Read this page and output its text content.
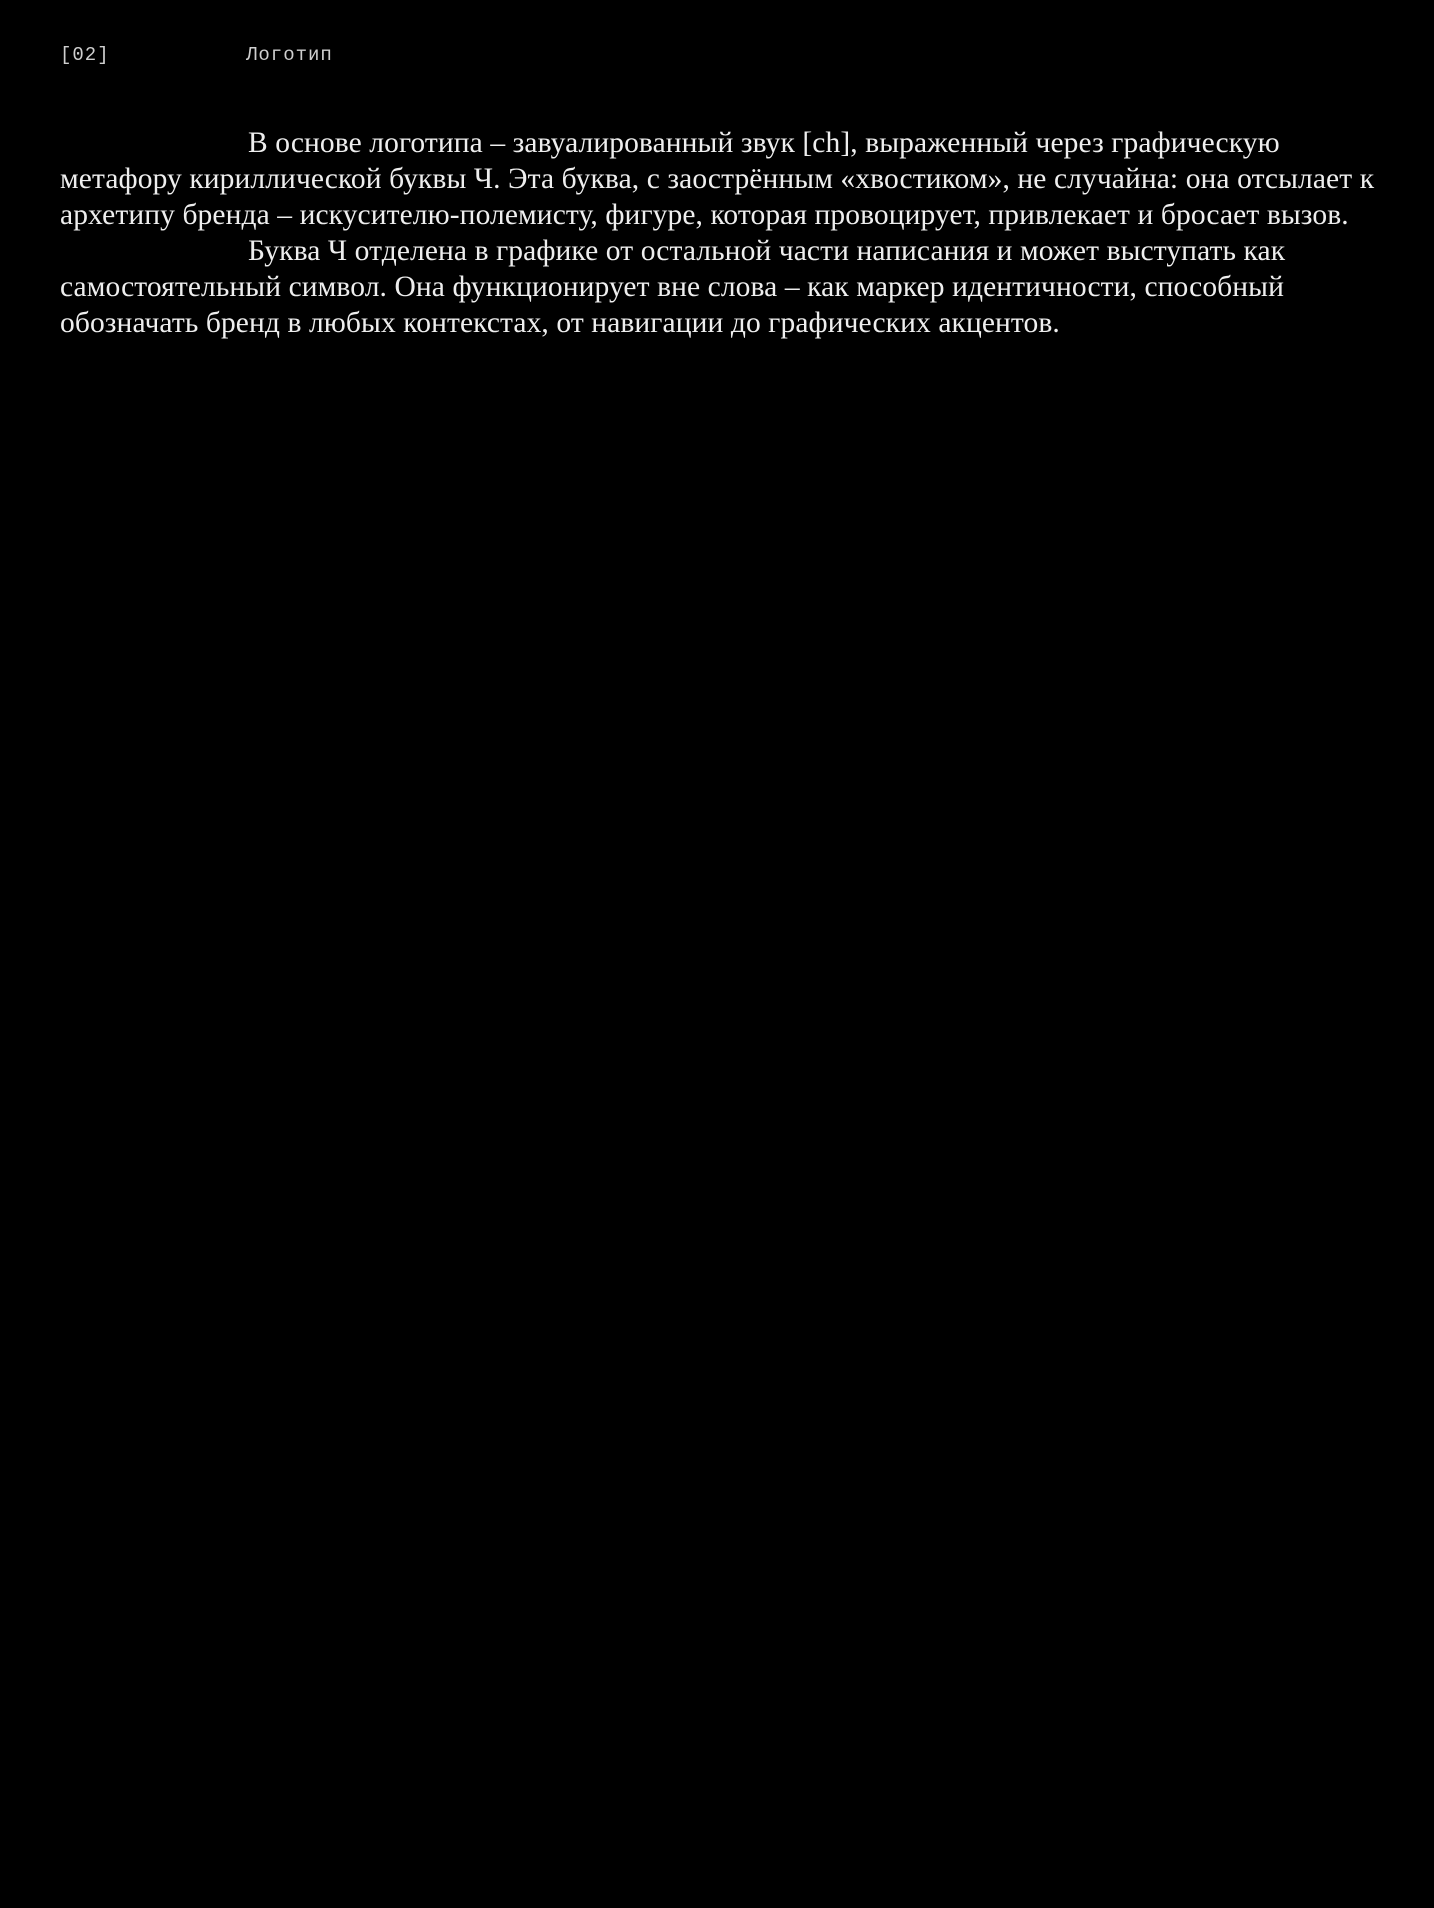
[02]	Логотип

В основе логотипа – завуалированный звук [ch], выраженный через графическую метафору кириллической буквы Ч. Эта буква, с заострённым «хвостиком», не случайна: она отсылает к архетипу бренда – искусителю-полемисту, фигуре, которая провоцирует, привлекает и бросает вызов.

Буква Ч отделена в графике от остальной части написания и может выступать как самостоятельный символ. Она функционирует вне слова – как маркер идентичности, способный обозначать бренд в любых контекстах, от навигации до графических акцентов.
